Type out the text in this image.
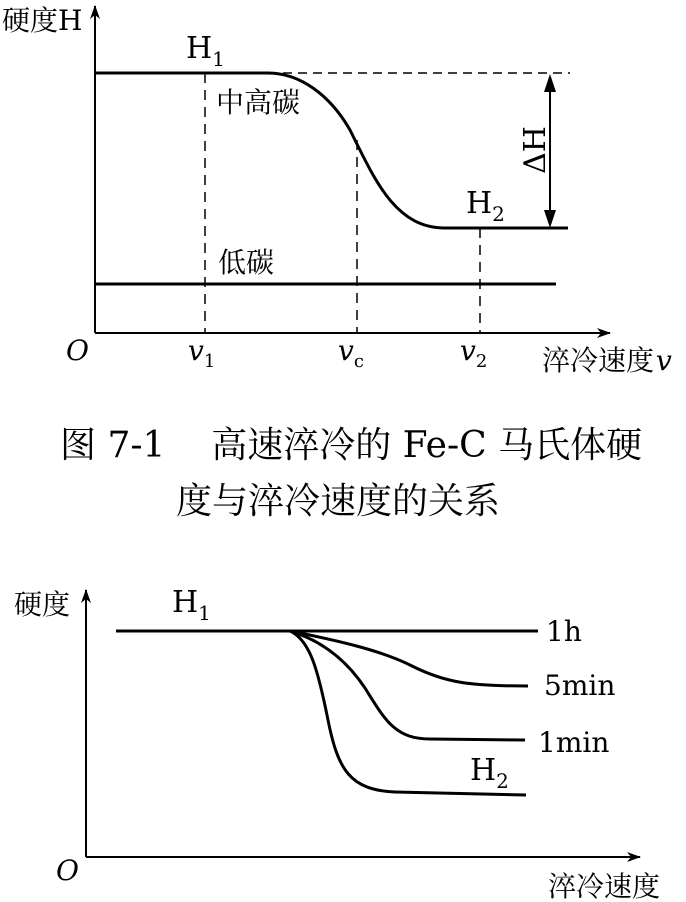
ΔH
硬度H
O
$H_1$
$H_2$
中高碳
低碳
$v_1$	$v_c$	$v_2$ 淬冷速度v
图 7-1    高速淬冷的 Fe-C 马氏体硬
度与淬冷速度的关系
硬度
O
$H_1$
$H_2$
1h
5min
1min
淬冷速度
